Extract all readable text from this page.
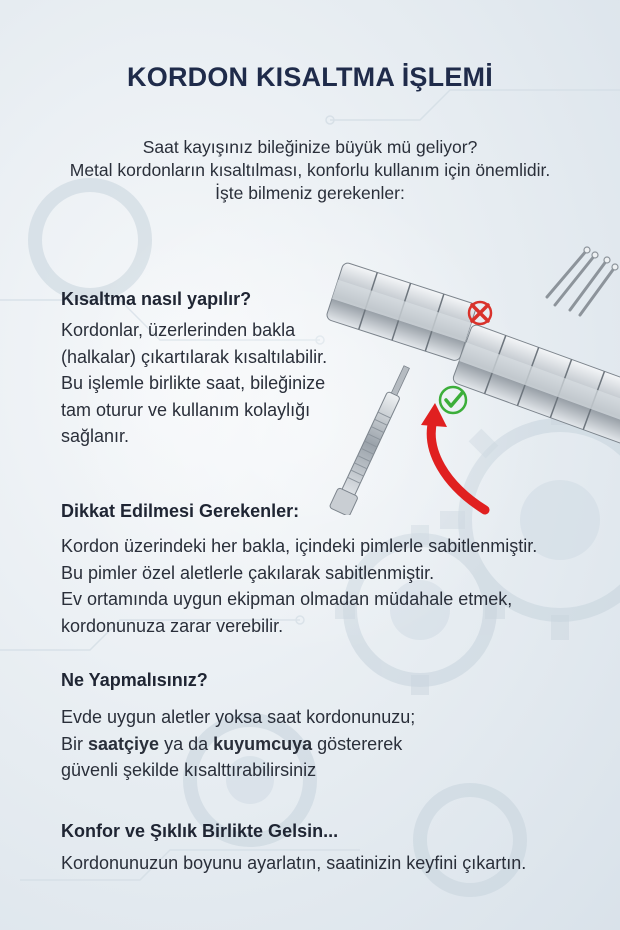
KORDON KISALTMA İŞLEMİ
Saat kayışınız bileğinize büyük mü geliyor?
Metal kordonların kısaltılması, konforlu kullanım için önemlidir.
İşte bilmeniz gerekenler:
Kısaltma nasıl yapılır?
Kordonlar, üzerlerinden bakla
(halkalar) çıkartılarak kısaltılabilir.
Bu işlemle birlikte saat, bileğinize
tam oturur ve kullanım kolaylığı
sağlanır.
Dikkat Edilmesi Gerekenler:
Kordon üzerindeki her bakla, içindeki pimlerle sabitlenmiştir.
Bu pimler özel aletlerle çakılarak sabitlenmiştir.
Ev ortamında uygun ekipman olmadan müdahale etmek,
kordonunuza zarar verebilir.
Ne Yapmalısınız?
Evde uygun aletler yoksa saat kordonunuzu;
Bir saatçiye ya da kuyumcuya göstererek
güvenli şekilde kısalttırabilirsiniz
Konfor ve Şıklık Birlikte Gelsin...
Kordonunuzun boyunu ayarlatın, saatinizin keyfini çıkartın.
